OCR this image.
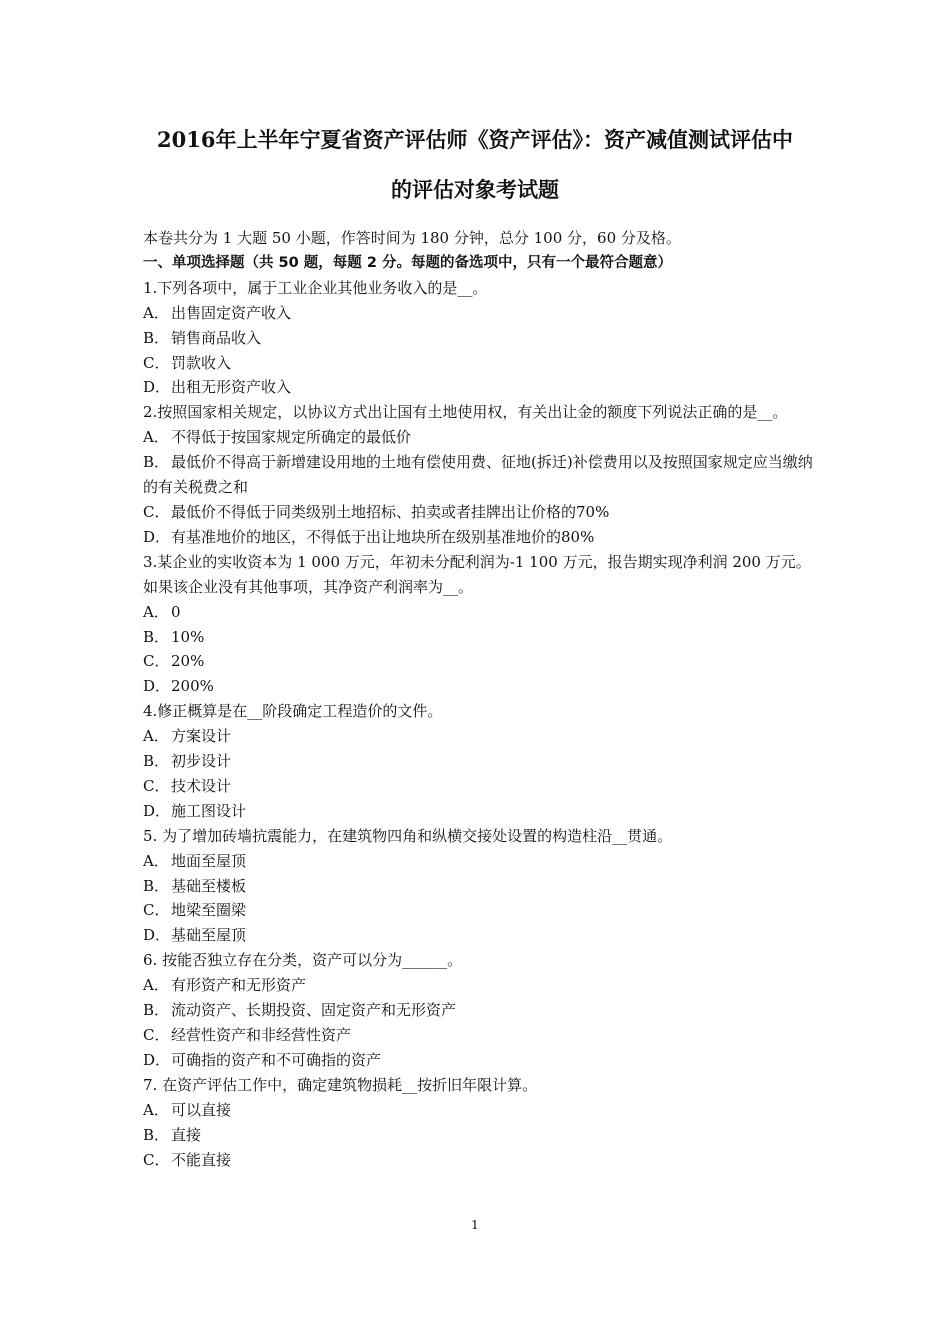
2016年上半年宁夏省资产评估师《资产评估》：资产减值测试评估中
的评估对象考试题
本卷共分为 1 大题 50 小题，作答时间为 180 分钟，总分 100 分，60 分及格。
一、单项选择题（共 50 题，每题 2 分。每题的备选项中，只有一个最符合题意）
1.下列各项中，属于工业企业其他业务收入的是__。
A． 出售固定资产收入
B． 销售商品收入
C． 罚款收入
D． 出租无形资产收入
2.按照国家相关规定，以协议方式出让国有土地使用权，有关出让金的额度下列说法正确的是__。
A． 不得低于按国家规定所确定的最低价
B． 最低价不得高于新增建设用地的土地有偿使用费、征地(拆迁)补偿费用以及按照国家规定应当缴纳的有关税费之和
C． 最低价不得低于同类级别土地招标、拍卖或者挂牌出让价格的70%
D． 有基准地价的地区，不得低于出让地块所在级别基准地价的80%
3.某企业的实收资本为 1 000 万元，年初未分配利润为-1 100 万元，报告期实现净利润 200 万元。如果该企业没有其他事项，其净资产利润率为__。
A． 0
B． 10%
C． 20%
D． 200%
4.修正概算是在__阶段确定工程造价的文件。
A． 方案设计
B． 初步设计
C． 技术设计
D． 施工图设计
5. 为了增加砖墙抗震能力，在建筑物四角和纵横交接处设置的构造柱沿__贯通。
A． 地面至屋顶
B． 基础至楼板
C． 地梁至圈梁
D． 基础至屋顶
6. 按能否独立存在分类，资产可以分为______。
A． 有形资产和无形资产
B． 流动资产、长期投资、固定资产和无形资产
C． 经营性资产和非经营性资产
D． 可确指的资产和不可确指的资产
7. 在资产评估工作中，确定建筑物损耗__按折旧年限计算。
A． 可以直接
B． 直接
C． 不能直接
1
